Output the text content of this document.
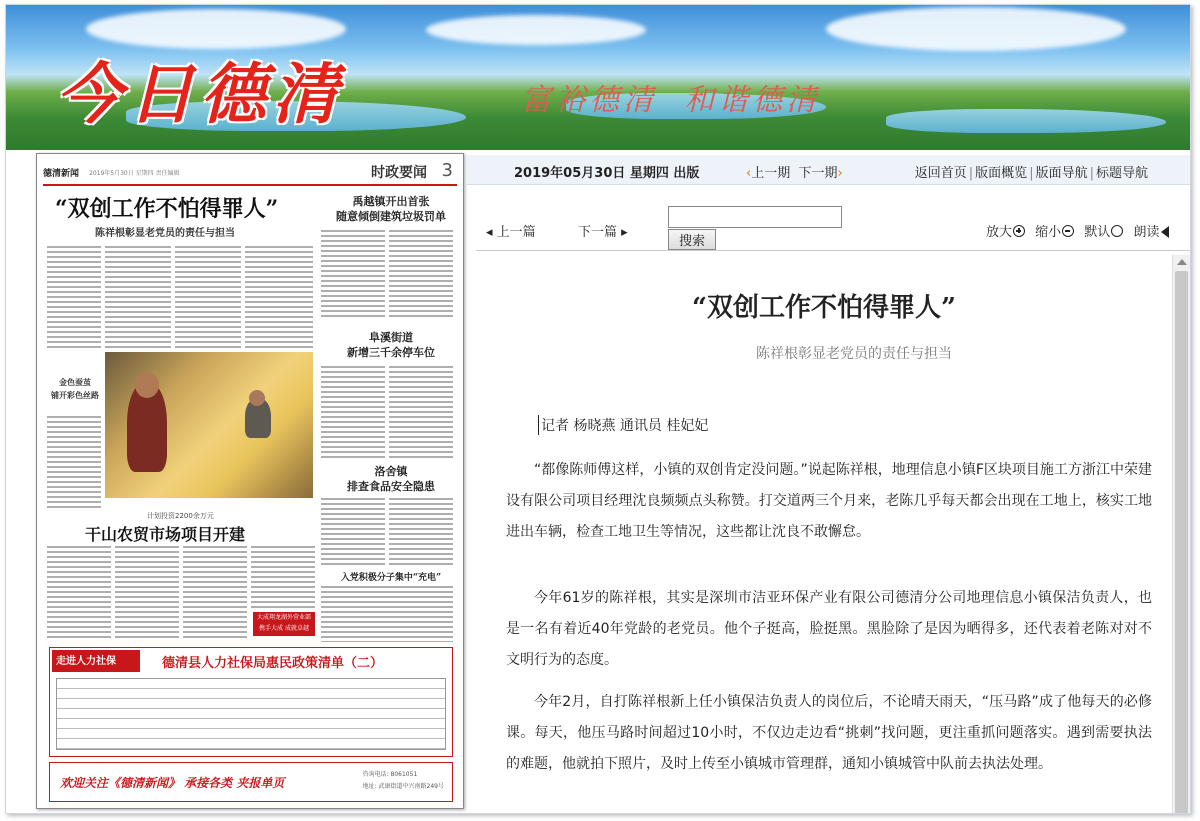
今日德清	富裕德清 和谐德清
德清新闻 2019年5月30日 星期四 责任编辑	时政要闻 3
“双创工作不怕得罪人”
陈祥根彰显老党员的责任与担当
金色蚕茧
铺开彩色丝路
禹越镇开出首张
随意倾倒建筑垃圾罚单
阜溪街道
新增三千余停车位
洛舍镇
排查食品安全隐患
入党积极分子集中“充电”
计划投资2200余万元
干山农贸市场项目开建
大成翔龙湖外营业部
携手大成 成就卓越
走进人力社保	德清县人力社保局惠民政策清单（二）
欢迎关注《德清新闻》 承接各类 夹报单页
咨询电话: 8061051
地址: 武康街道中兴南路249号
2019年05月30日 星期四 出版	‹上一期 下一期›	返回首页 | 版面概览 | 版面导航 | 标题导航
◂ 上一篇	下一篇 ▸
搜索
放大 缩小 默认 朗读
“双创工作不怕得罪人”
陈祥根彰显老党员的责任与担当
记者 杨晓燕 通讯员 桂妃妃

“都像陈师傅这样，小镇的双创肯定没问题。”说起陈祥根，地理信息小镇F区块项目施工方浙江中荣建设有限公司项目经理沈良频频点头称赞。打交道两三个月来，老陈几乎每天都会出现在工地上，核实工地进出车辆，检查工地卫生等情况，这些都让沈良不敢懈怠。

今年61岁的陈祥根，其实是深圳市洁亚环保产业有限公司德清分公司地理信息小镇保洁负责人，也是一名有着近40年党龄的老党员。他个子挺高，脸挺黑。黑脸除了是因为晒得多，还代表着老陈对对不文明行为的态度。

今年2月，自打陈祥根新上任小镇保洁负责人的岗位后，不论晴天雨天，“压马路”成了他每天的必修课。每天，他压马路时间超过10小时，不仅边走边看“挑刺”找问题，更注重抓问题落实。遇到需要执法的难题，他就拍下照片，及时上传至小镇城市管理群，通知小镇城管中队前去执法处理。
